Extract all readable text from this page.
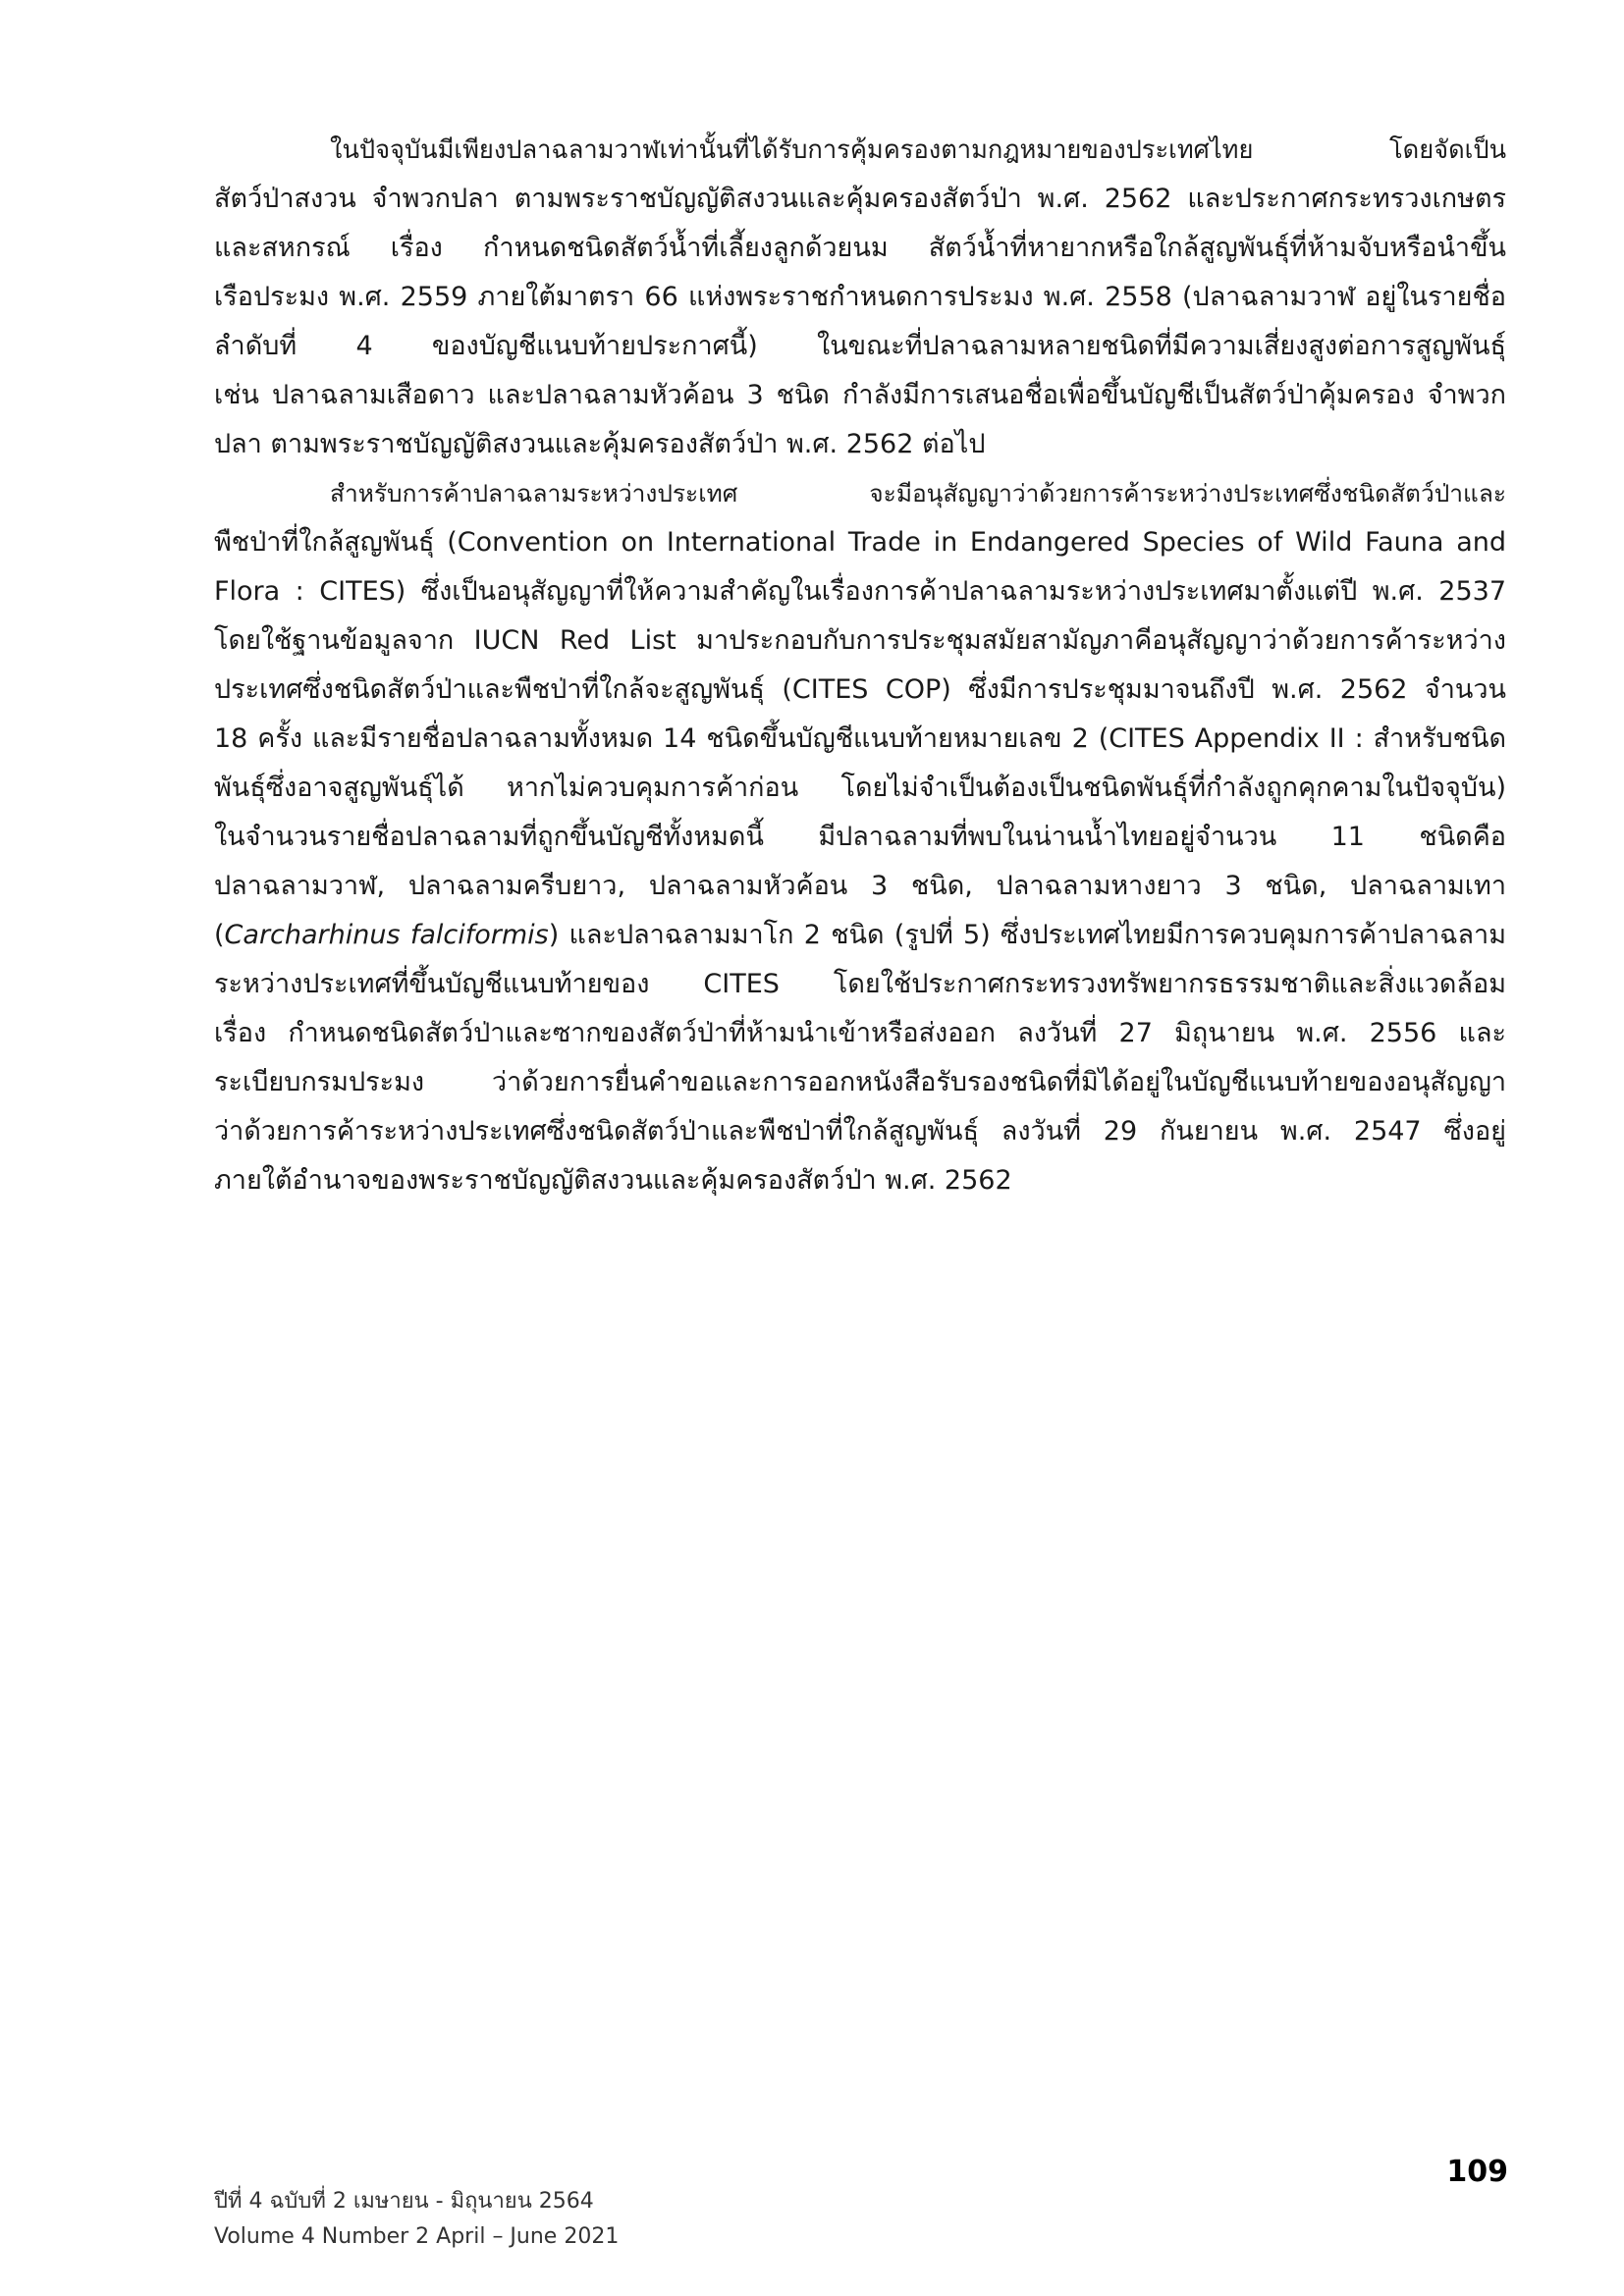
ในปัจจุบันมีเพียงปลาฉลามวาฬเท่านั้นที่ได้รับการคุ้มครองตามกฎหมายของประเทศไทย โดยจัดเป็น
สัตว์ป่าสงวน จำพวกปลา ตามพระราชบัญญัติสงวนและคุ้มครองสัตว์ป่า พ.ศ. 2562 และประกาศกระทรวงเกษตร
และสหกรณ์ เรื่อง กำหนดชนิดสัตว์น้ำที่เลี้ยงลูกด้วยนม สัตว์น้ำที่หายากหรือใกล้สูญพันธุ์ที่ห้ามจับหรือนำขึ้น
เรือประมง พ.ศ. 2559 ภายใต้มาตรา 66 แห่งพระราชกำหนดการประมง พ.ศ. 2558 (ปลาฉลามวาฬ อยู่ในรายชื่อ
ลำดับที่ 4 ของบัญชีแนบท้ายประกาศนี้) ในขณะที่ปลาฉลามหลายชนิดที่มีความเสี่ยงสูงต่อการสูญพันธุ์
เช่น ปลาฉลามเสือดาว และปลาฉลามหัวค้อน 3 ชนิด กำลังมีการเสนอชื่อเพื่อขึ้นบัญชีเป็นสัตว์ป่าคุ้มครอง จำพวก
ปลา ตามพระราชบัญญัติสงวนและคุ้มครองสัตว์ป่า พ.ศ. 2562 ต่อไป

สำหรับการค้าปลาฉลามระหว่างประเทศ จะมีอนุสัญญาว่าด้วยการค้าระหว่างประเทศซึ่งชนิดสัตว์ป่าและ
พืชป่าที่ใกล้สูญพันธุ์ (Convention on International Trade in Endangered Species of Wild Fauna and
Flora : CITES) ซึ่งเป็นอนุสัญญาที่ให้ความสำคัญในเรื่องการค้าปลาฉลามระหว่างประเทศมาตั้งแต่ปี พ.ศ. 2537
โดยใช้ฐานข้อมูลจาก IUCN Red List มาประกอบกับการประชุมสมัยสามัญภาคีอนุสัญญาว่าด้วยการค้าระหว่าง
ประเทศซึ่งชนิดสัตว์ป่าและพืชป่าที่ใกล้จะสูญพันธุ์ (CITES COP) ซึ่งมีการประชุมมาจนถึงปี พ.ศ. 2562 จำนวน
18 ครั้ง และมีรายชื่อปลาฉลามทั้งหมด 14 ชนิดขึ้นบัญชีแนบท้ายหมายเลข 2 (CITES Appendix II : สำหรับชนิด
พันธุ์ซึ่งอาจสูญพันธุ์ได้ หากไม่ควบคุมการค้าก่อน โดยไม่จำเป็นต้องเป็นชนิดพันธุ์ที่กำลังถูกคุกคามในปัจจุบัน)
ในจำนวนรายชื่อปลาฉลามที่ถูกขึ้นบัญชีทั้งหมดนี้ มีปลาฉลามที่พบในน่านน้ำไทยอยู่จำนวน 11 ชนิดคือ
ปลาฉลามวาฬ, ปลาฉลามครีบยาว, ปลาฉลามหัวค้อน 3 ชนิด, ปลาฉลามหางยาว 3 ชนิด, ปลาฉลามเทา
(Carcharhinus falciformis) และปลาฉลามมาโก 2 ชนิด (รูปที่ 5) ซึ่งประเทศไทยมีการควบคุมการค้าปลาฉลาม
ระหว่างประเทศที่ขึ้นบัญชีแนบท้ายของ CITES โดยใช้ประกาศกระทรวงทรัพยากรธรรมชาติและสิ่งแวดล้อม
เรื่อง กำหนดชนิดสัตว์ป่าและซากของสัตว์ป่าที่ห้ามนำเข้าหรือส่งออก ลงวันที่ 27 มิถุนายน พ.ศ. 2556 และ
ระเบียบกรมประมง ว่าด้วยการยื่นคำขอและการออกหนังสือรับรองชนิดที่มิได้อยู่ในบัญชีแนบท้ายของอนุสัญญา
ว่าด้วยการค้าระหว่างประเทศซึ่งชนิดสัตว์ป่าและพืชป่าที่ใกล้สูญพันธุ์ ลงวันที่ 29 กันยายน พ.ศ. 2547 ซึ่งอยู่
ภายใต้อำนาจของพระราชบัญญัติสงวนและคุ้มครองสัตว์ป่า พ.ศ. 2562

109
ปีที่ 4 ฉบับที่ 2 เมษายน - มิถุนายน 2564
Volume 4 Number 2 April – June 2021
